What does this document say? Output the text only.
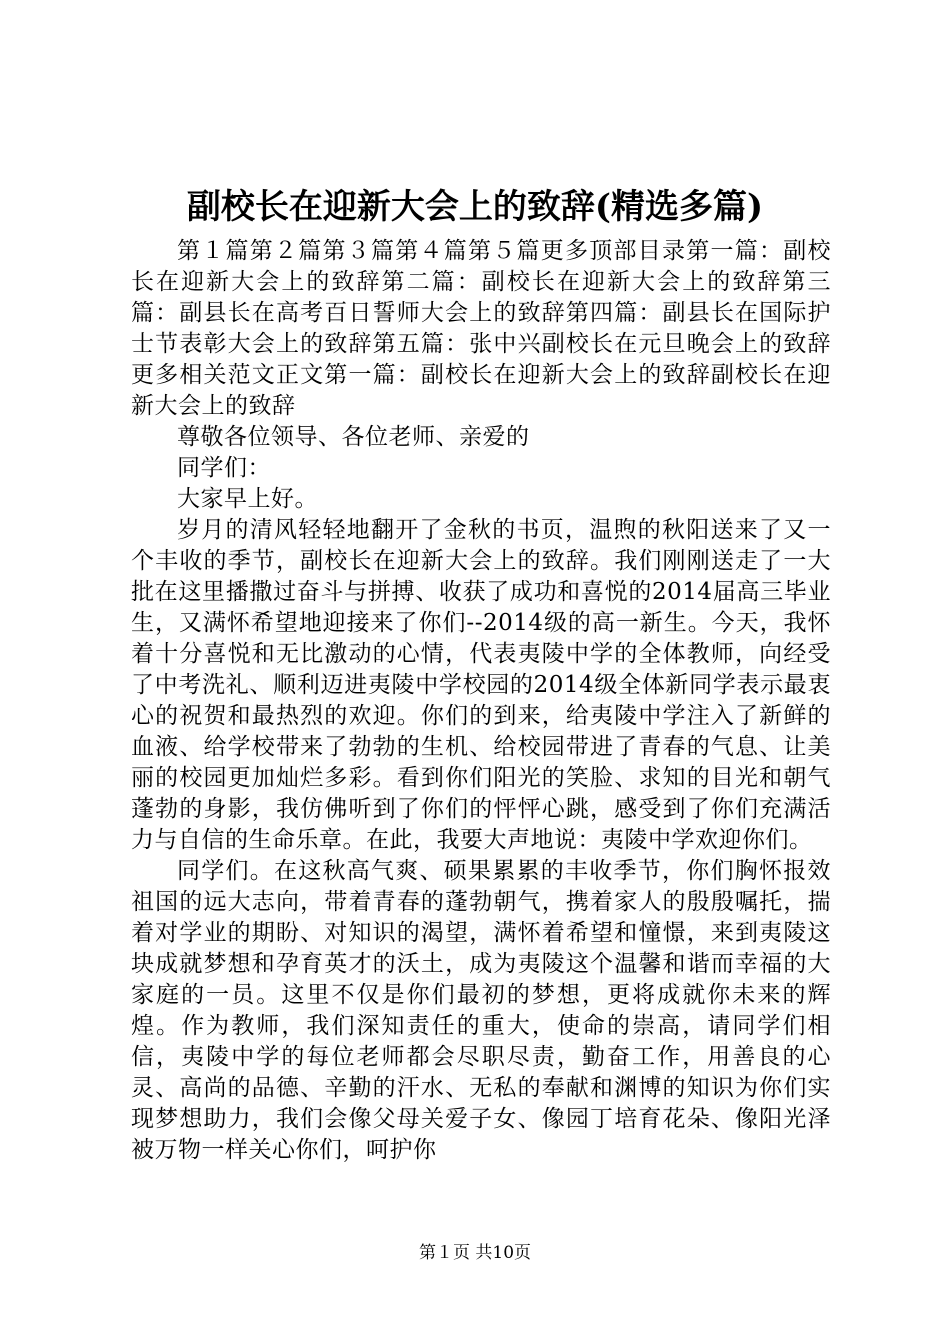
副校长在迎新大会上的致辞(精选多篇)

第１篇第２篇第３篇第４篇第５篇更多顶部目录第一篇：副校长在迎新大会上的致辞第二篇：副校长在迎新大会上的致辞第三篇：副县长在高考百日誓师大会上的致辞第四篇：副县长在国际护士节表彰大会上的致辞第五篇：张中兴副校长在元旦晚会上的致辞更多相关范文正文第一篇：副校长在迎新大会上的致辞副校长在迎新大会上的致辞

尊敬各位领导、各位老师、亲爱的

同学们：

大家早上好。

岁月的清风轻轻地翻开了金秋的书页，温煦的秋阳送来了又一个丰收的季节，副校长在迎新大会上的致辞。我们刚刚送走了一大批在这里播撒过奋斗与拼搏、收获了成功和喜悦的2014届高三毕业生，又满怀希望地迎接来了你们--2014级的高一新生。今天，我怀着十分喜悦和无比激动的心情，代表夷陵中学的全体教师，向经受了中考洗礼、顺利迈进夷陵中学校园的2014级全体新同学表示最衷心的祝贺和最热烈的欢迎。你们的到来，给夷陵中学注入了新鲜的血液、给学校带来了勃勃的生机、给校园带进了青春的气息、让美丽的校园更加灿烂多彩。看到你们阳光的笑脸、求知的目光和朝气蓬勃的身影，我仿佛听到了你们的怦怦心跳，感受到了你们充满活力与自信的生命乐章。在此，我要大声地说：夷陵中学欢迎你们。

同学们。在这秋高气爽、硕果累累的丰收季节，你们胸怀报效祖国的远大志向，带着青春的蓬勃朝气，携着家人的殷殷嘱托，揣着对学业的期盼、对知识的渴望，满怀着希望和憧憬，来到夷陵这块成就梦想和孕育英才的沃土，成为夷陵这个温馨和谐而幸福的大家庭的一员。这里不仅是你们最初的梦想，更将成就你未来的辉煌。作为教师，我们深知责任的重大，使命的崇高，请同学们相信，夷陵中学的每位老师都会尽职尽责，勤奋工作，用善良的心灵、高尚的品德、辛勤的汗水、无私的奉献和渊博的知识为你们实现梦想助力，我们会像父母关爱子女、像园丁培育花朵、像阳光泽被万物一样关心你们，呵护你

第１页 共10页
